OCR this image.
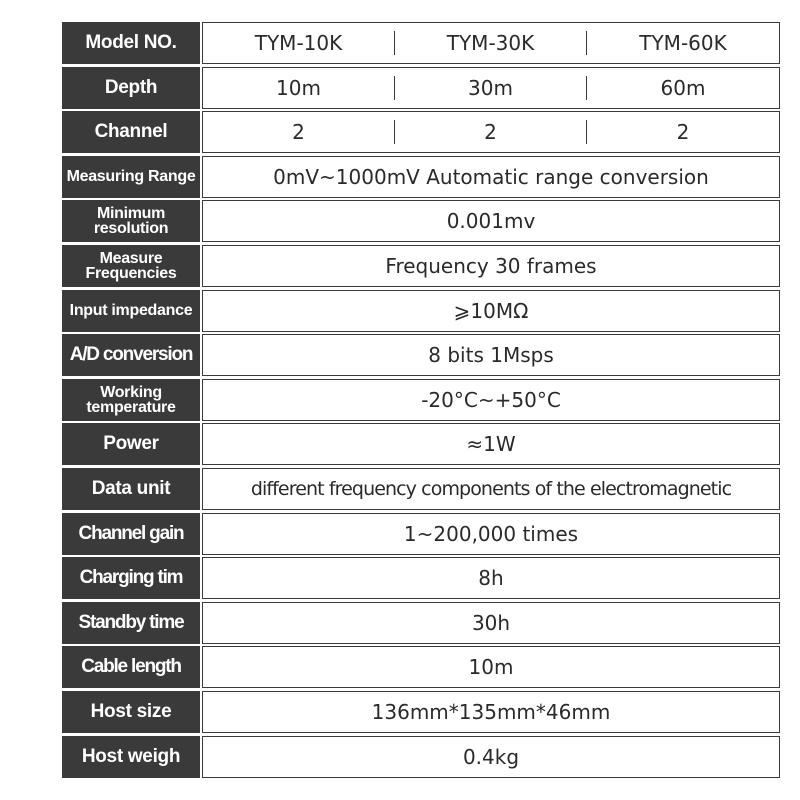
Model NO.	TYM-10K	TYM-30K	TYM-60K
Depth	10m	30m	60m
Channel	2	2	2
Measuring Range	0mV~1000mV Automatic range conversion
Minimum resolution	0.001mv
Measure Frequencies	Frequency 30 frames
Input impedance	⩾10MΩ
A/D conversion	8 bits 1Msps
Working temperature	-20°C~+50°C
Power	≈1W
Data unit	different frequency components of the electromagnetic
Channel gain	1~200,000 times
Charging tim	8h
Standby time	30h
Cable length	10m
Host size	136mm*135mm*46mm
Host weigh	0.4kg
